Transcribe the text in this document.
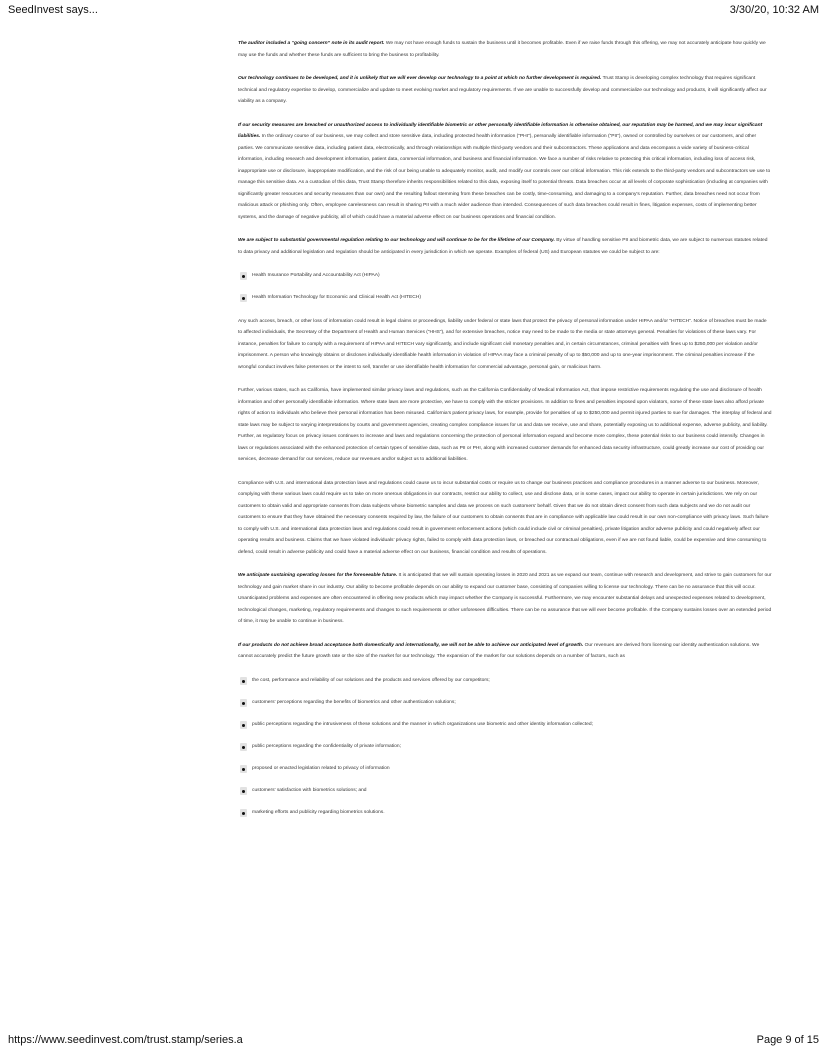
SeedInvest says...	3/30/20, 10:32 AM

The auditor included a “going concern” note in its audit report. We may not have enough funds to sustain the business until it becomes profitable. Even if we raise funds through this offering, we may not accurately anticipate how quickly we may use the funds and whether these funds are sufficient to bring the business to profitability.

Our technology continues to be developed, and it is unlikely that we will ever develop our technology to a point at which no further development is required. Trust Stamp is developing complex technology that requires significant technical and regulatory expertise to develop, commercialize and update to meet evolving market and regulatory requirements. If we are unable to successfully develop and commercialize our technology and products, it will significantly affect our viability as a company.

If our security measures are breached or unauthorized access to individually identifiable biometric or other personally identifiable information is otherwise obtained, our reputation may be harmed, and we may incur significant liabilities. In the ordinary course of our business, we may collect and store sensitive data, including protected health information (“PHI”), personally identifiable information (“PII”), owned or controlled by ourselves or our customers, and other parties. We communicate sensitive data, including patient data, electronically, and through relationships with multiple third-party vendors and their subcontractors. These applications and data encompass a wide variety of business-critical information, including research and development information, patient data, commercial information, and business and financial information. We face a number of risks relative to protecting this critical information, including loss of access risk, inappropriate use or disclosure, inappropriate modification, and the risk of our being unable to adequately monitor, audit, and modify our controls over our critical information. This risk extends to the third-party vendors and subcontractors we use to manage this sensitive data. As a custodian of this data, Trust Stamp therefore inherits responsibilities related to this data, exposing itself to potential threats. Data breaches occur at all levels of corporate sophistication (including at companies with significantly greater resources and security measures than our own) and the resulting fallout stemming from these breaches can be costly, time-consuming, and damaging to a company’s reputation. Further, data breaches need not occur from malicious attack or phishing only. Often, employee carelessness can result in sharing PII with a much wider audience than intended. Consequences of such data breaches could result in fines, litigation expenses, costs of implementing better systems, and the damage of negative publicity, all of which could have a material adverse effect on our business operations and financial condition.

We are subject to substantial governmental regulation relating to our technology and will continue to be for the lifetime of our Company. By virtue of handling sensitive PII and biometric data, we are subject to numerous statutes related to data privacy and additional legislation and regulation should be anticipated in every jurisdiction in which we operate. Examples of federal (US) and European statutes we could be subject to are:

Health Insurance Portability and Accountability Act (HIPAA)
Health Information Technology for Economic and Clinical Health Act (HITECH)

Any such access, breach, or other loss of information could result in legal claims or proceedings, liability under federal or state laws that protect the privacy of personal information under HIPAA and/or “HITECH”. Notice of breaches must be made to affected individuals, the Secretary of the Department of Health and Human Services (“HHS”), and for extensive breaches, notice may need to be made to the media or state attorneys general. Penalties for violations of these laws vary. For instance, penalties for failure to comply with a requirement of HIPAA and HITECH vary significantly, and include significant civil monetary penalties and, in certain circumstances, criminal penalties with fines up to $250,000 per violation and/or imprisonment. A person who knowingly obtains or discloses individually identifiable health information in violation of HIPAA may face a criminal penalty of up to $50,000 and up to one-year imprisonment. The criminal penalties increase if the wrongful conduct involves false pretenses or the intent to sell, transfer or use identifiable health information for commercial advantage, personal gain, or malicious harm.

Further, various states, such as California, have implemented similar privacy laws and regulations, such as the California Confidentiality of Medical Information Act, that impose restrictive requirements regulating the use and disclosure of health information and other personally identifiable information. Where state laws are more protective, we have to comply with the stricter provisions. In addition to fines and penalties imposed upon violators, some of these state laws also afford private rights of action to individuals who believe their personal information has been misused. California’s patient privacy laws, for example, provide for penalties of up to $250,000 and permit injured parties to sue for damages. The interplay of federal and state laws may be subject to varying interpretations by courts and government agencies, creating complex compliance issues for us and data we receive, use and share, potentially exposing us to additional expense, adverse publicity, and liability. Further, as regulatory focus on privacy issues continues to increase and laws and regulations concerning the protection of personal information expand and become more complex, these potential risks to our business could intensify. Changes in laws or regulations associated with the enhanced protection of certain types of sensitive data, such as PII or PHI, along with increased customer demands for enhanced data security infrastructure, could greatly increase our cost of providing our services, decrease demand for our services, reduce our revenues and/or subject us to additional liabilities.

Compliance with U.S. and international data protection laws and regulations could cause us to incur substantial costs or require us to change our business practices and compliance procedures in a manner adverse to our business. Moreover, complying with these various laws could require us to take on more onerous obligations in our contracts, restrict our ability to collect, use and disclose data, or in some cases, impact our ability to operate in certain jurisdictions. We rely on our customers to obtain valid and appropriate consents from data subjects whose biometric samples and data we process on such customers’ behalf. Given that we do not obtain direct consent from such data subjects and we do not audit our customers to ensure that they have obtained the necessary consents required by law, the failure of our customers to obtain consents that are in compliance with applicable law could result in our own non-compliance with privacy laws. Such failure to comply with U.S. and international data protection laws and regulations could result in government enforcement actions (which could include civil or criminal penalties), private litigation and/or adverse publicity and could negatively affect our operating results and business. Claims that we have violated individuals’ privacy rights, failed to comply with data protection laws, or breached our contractual obligations, even if we are not found liable, could be expensive and time consuming to defend, could result in adverse publicity and could have a material adverse effect on our business, financial condition and results of operations.

We anticipate sustaining operating losses for the foreseeable future. It is anticipated that we will sustain operating losses in 2020 and 2021 as we expand our team, continue with research and development, and strive to gain customers for our technology and gain market share in our industry. Our ability to become profitable depends on our ability to expand our customer base, consisting of companies willing to license our technology. There can be no assurance that this will occur. Unanticipated problems and expenses are often encountered in offering new products which may impact whether the Company is successful. Furthermore, we may encounter substantial delays and unexpected expenses related to development, technological changes, marketing, regulatory requirements and changes to such requirements or other unforeseen difficulties. There can be no assurance that we will ever become profitable. If the Company sustains losses over an extended period of time, it may be unable to continue in business.

If our products do not achieve broad acceptance both domestically and internationally, we will not be able to achieve our anticipated level of growth. Our revenues are derived from licensing our identity authentication solutions. We cannot accurately predict the future growth rate or the size of the market for our technology. The expansion of the market for our solutions depends on a number of factors, such as

the cost, performance and reliability of our solutions and the products and services offered by our competitors;
customers’ perceptions regarding the benefits of biometrics and other authentication solutions;
public perceptions regarding the intrusiveness of these solutions and the manner in which organizations use biometric and other identity information collected;
public perceptions regarding the confidentiality of private information;
proposed or enacted legislation related to privacy of information
customers’ satisfaction with biometrics solutions; and
marketing efforts and publicity regarding biometrics solutions.
https://www.seedinvest.com/trust.stamp/series.a	Page 9 of 15
